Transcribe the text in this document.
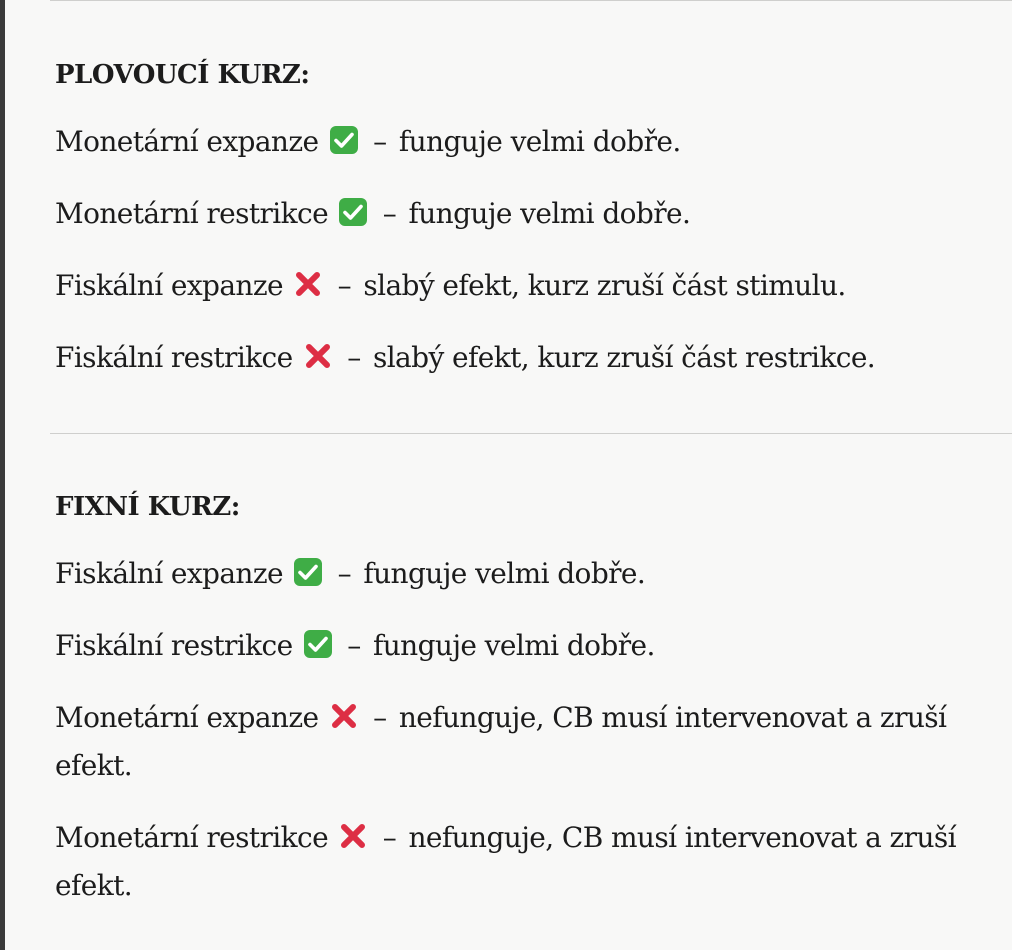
PLOVOUCÍ KURZ:
Monetární expanze – funguje velmi dobře.
Monetární restrikce – funguje velmi dobře.
Fiskální expanze – slabý efekt, kurz zruší část stimulu.
Fiskální restrikce – slabý efekt, kurz zruší část restrikce.
FIXNÍ KURZ:
Fiskální expanze – funguje velmi dobře.
Fiskální restrikce – funguje velmi dobře.
Monetární expanze – nefunguje, CB musí intervenovat a zruší efekt.
Monetární restrikce – nefunguje, CB musí intervenovat a zruší efekt.
